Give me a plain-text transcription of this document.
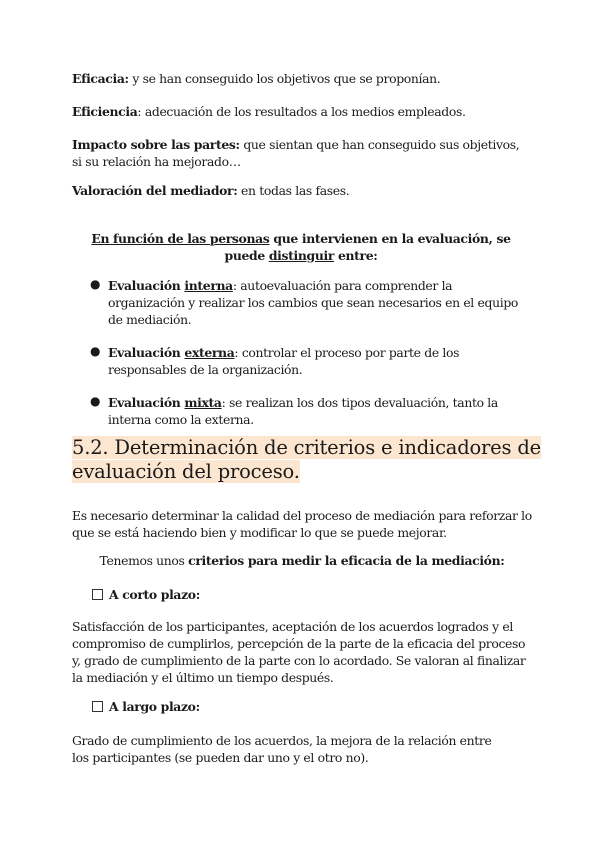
Eficacia: y se han conseguido los objetivos que se proponían.

Eficiencia: adecuación de los resultados a los medios empleados.

Impacto sobre las partes: que sientan que han conseguido sus objetivos, si su relación ha mejorado…

Valoración del mediador: en todas las fases.

En función de las personas que intervienen en la evaluación, se puede distinguir entre:

● Evaluación interna: autoevaluación para comprender la organización y realizar los cambios que sean necesarios en el equipo de mediación.
● Evaluación externa: controlar el proceso por parte de los responsables de la organización.
● Evaluación mixta: se realizan los dos tipos devaluación, tanto la interna como la externa.
5.2. Determinación de criterios e indicadores de evaluación del proceso.

Es necesario determinar la calidad del proceso de mediación para reforzar lo que se está haciendo bien y modificar lo que se puede mejorar.

Tenemos unos criterios para medir la eficacia de la mediación:

A corto plazo:

Satisfacción de los participantes, aceptación de los acuerdos logrados y el compromiso de cumplirlos, percepción de la parte de la eficacia del proceso y, grado de cumplimiento de la parte con lo acordado. Se valoran al finalizar la mediación y el último un tiempo después.

A largo plazo:

Grado de cumplimiento de los acuerdos, la mejora de la relación entre los participantes (se pueden dar uno y el otro no).
